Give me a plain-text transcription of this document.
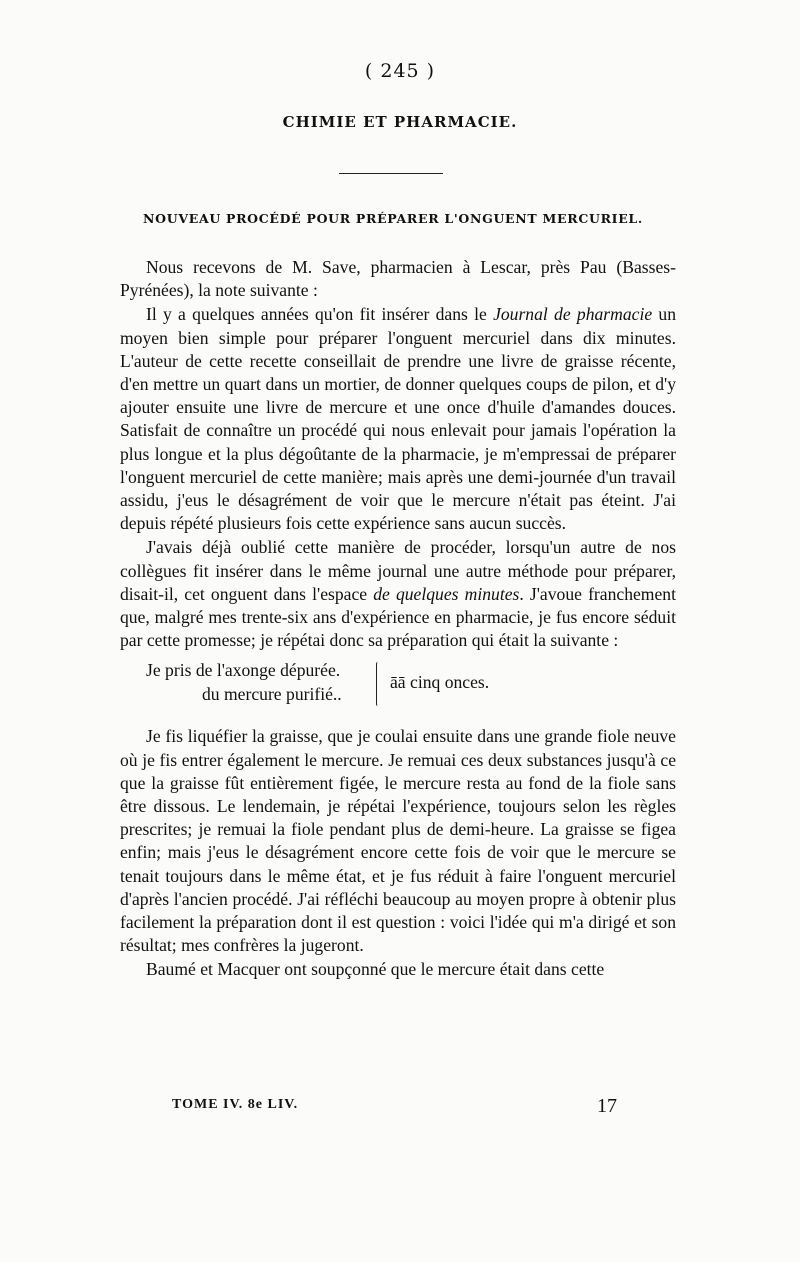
( 245 )
CHIMIE ET PHARMACIE.
NOUVEAU PROCÉDÉ POUR PRÉPARER L'ONGUENT MERCURIEL.

Nous recevons de M. Save, pharmacien à Lescar, près Pau (Basses-Pyrénées), la note suivante :

Il y a quelques années qu'on fit insérer dans le Journal de pharmacie un moyen bien simple pour préparer l'onguent mercuriel dans dix minutes. L'auteur de cette recette conseillait de prendre une livre de graisse récente, d'en mettre un quart dans un mortier, de donner quelques coups de pilon, et d'y ajouter ensuite une livre de mercure et une once d'huile d'amandes douces. Satisfait de connaître un procédé qui nous enlevait pour jamais l'opération la plus longue et la plus dégoûtante de la pharmacie, je m'empressai de préparer l'onguent mercuriel de cette manière; mais après une demi-journée d'un travail assidu, j'eus le désagrément de voir que le mercure n'était pas éteint. J'ai depuis répété plusieurs fois cette expérience sans aucun succès.

J'avais déjà oublié cette manière de procéder, lorsqu'un autre de nos collègues fit insérer dans le même journal une autre méthode pour préparer, disait-il, cet onguent dans l'espace de quelques minutes. J'avoue franchement que, malgré mes trente-six ans d'expérience en pharmacie, je fus encore séduit par cette promesse; je répétai donc sa préparation qui était la suivante :

Je pris de l'axonge dépurée.
du mercure purifié..
āā cinq onces.

Je fis liquéfier la graisse, que je coulai ensuite dans une grande fiole neuve où je fis entrer également le mercure. Je remuai ces deux substances jusqu'à ce que la graisse fût entièrement figée, le mercure resta au fond de la fiole sans être dissous. Le lendemain, je répétai l'expérience, toujours selon les règles prescrites; je remuai la fiole pendant plus de demi-heure. La graisse se figea enfin; mais j'eus le désagrément encore cette fois de voir que le mercure se tenait toujours dans le même état, et je fus réduit à faire l'onguent mercuriel d'après l'ancien procédé. J'ai réfléchi beaucoup au moyen propre à obtenir plus facilement la préparation dont il est question : voici l'idée qui m'a dirigé et son résultat; mes confrères la jugeront.

Baumé et Macquer ont soupçonné que le mercure était dans cette

TOME IV. 8e LIV.	17
